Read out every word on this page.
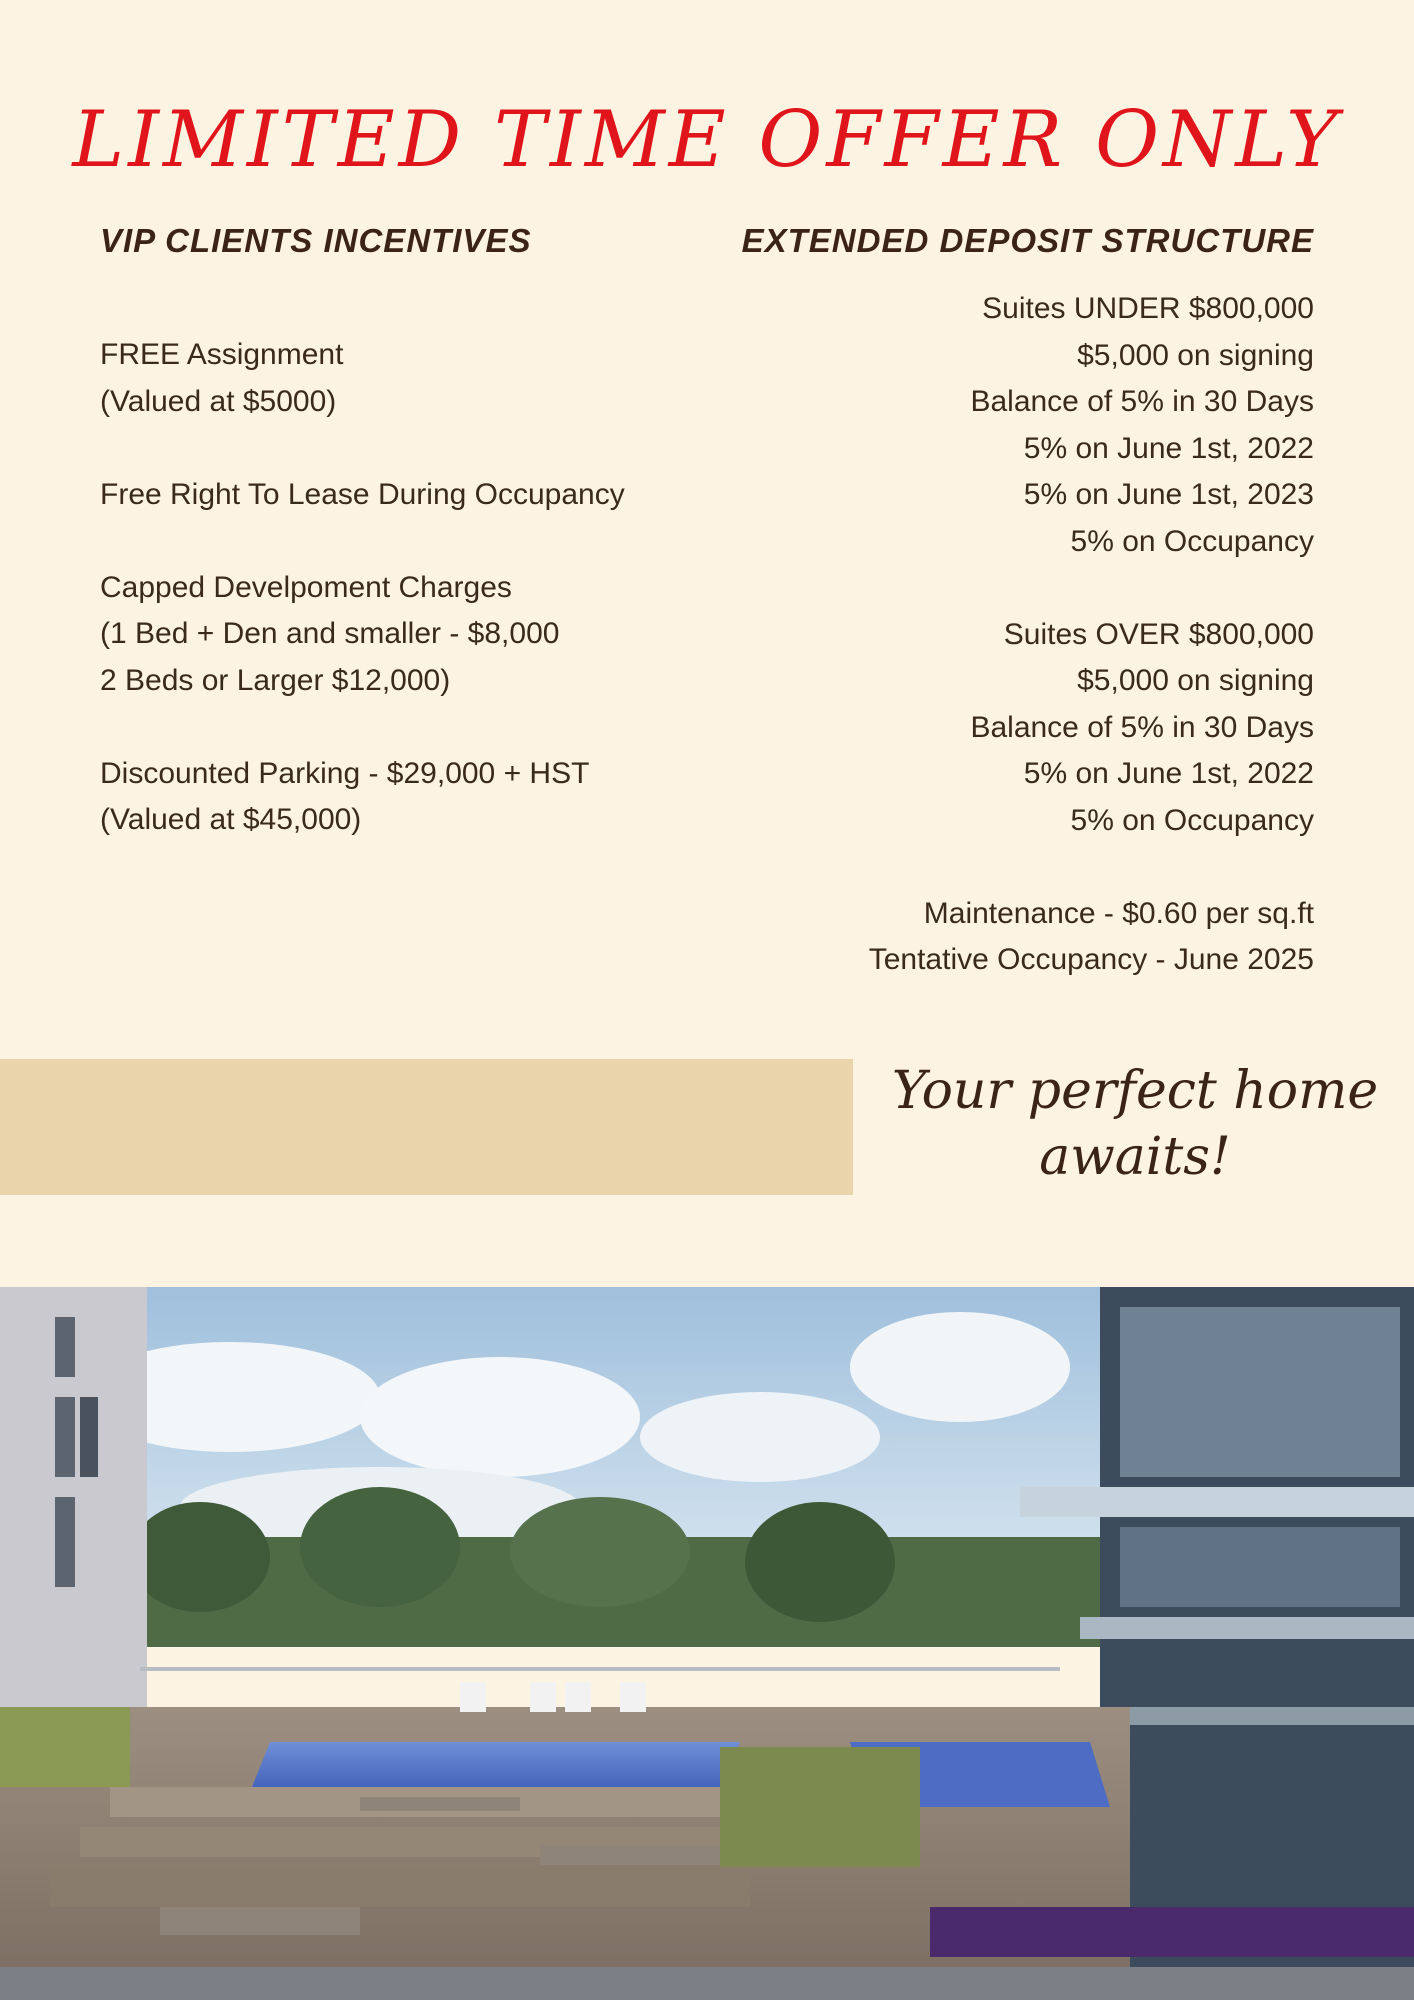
LIMITED TIME OFFER ONLY
VIP CLIENTS INCENTIVES	EXTENDED DEPOSIT STRUCTURE
FREE Assignment
(Valued at $5000)
Free Right To Lease During Occupancy
Capped Develpoment Charges
(1 Bed + Den and smaller - $8,000
2 Beds or Larger $12,000)
Discounted Parking - $29,000 + HST
(Valued at $45,000)
Suites UNDER $800,000
$5,000 on signing
Balance of 5% in 30 Days
5% on June 1st, 2022
5% on June 1st, 2023
5% on Occupancy
Suites OVER $800,000
$5,000 on signing
Balance of 5% in 30 Days
5% on June 1st, 2022
5% on Occupancy
Maintenance - $0.60 per sq.ft
Tentative Occupancy - June 2025
Your perfect home awaits!
